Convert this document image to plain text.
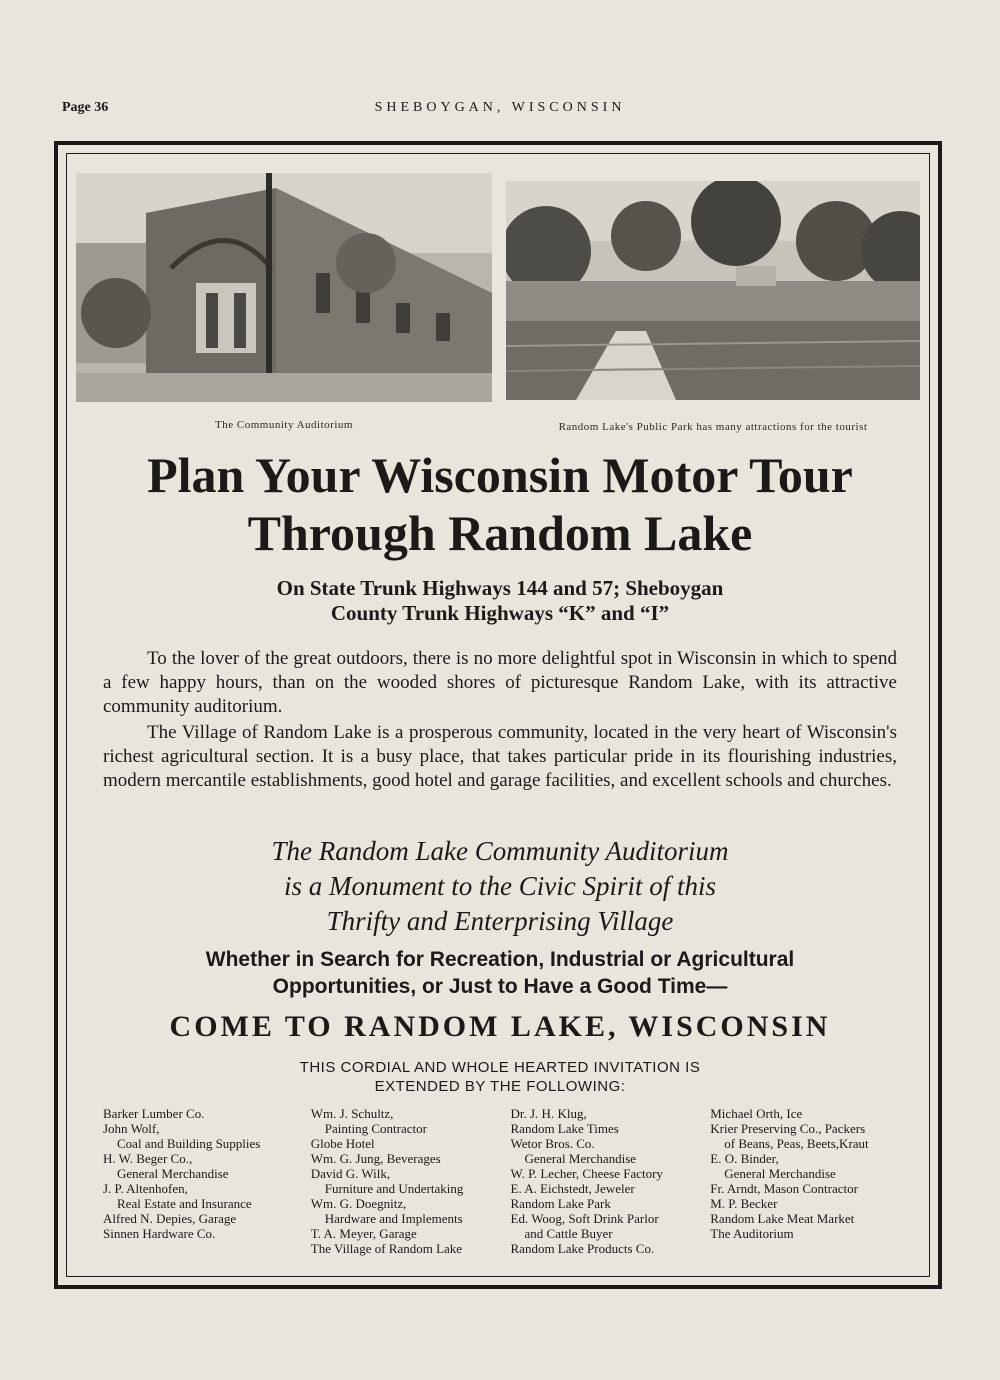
Page 36	SHEBOYGAN, WISCONSIN
The Community Auditorium	Random Lake's Public Park has many attractions for the tourist
Plan Your Wisconsin Motor Tour
Through Random Lake
On State Trunk Highways 144 and 57; Sheboygan
County Trunk Highways “K” and “I”

To the lover of the great outdoors, there is no more delightful spot in Wisconsin in which to spend a few happy hours, than on the wooded shores of picturesque Random Lake, with its attractive community auditorium.

The Village of Random Lake is a prosperous community, located in the very heart of Wisconsin's richest agricultural section. It is a busy place, that takes particular pride in its flourishing industries, modern mercantile establishments, good hotel and garage facilities, and excellent schools and churches.

The Random Lake Community Auditorium
is a Monument to the Civic Spirit of this
Thrifty and Enterprising Village
Whether in Search for Recreation, Industrial or Agricultural
Opportunities, or Just to Have a Good Time—
COME TO RANDOM LAKE, WISCONSIN
THIS CORDIAL AND WHOLE HEARTED INVITATION IS
EXTENDED BY THE FOLLOWING:
Barker Lumber Co.
John Wolf,
Coal and Building Supplies
H. W. Beger Co.,
General Merchandise
J. P. Altenhofen,
Real Estate and Insurance
Alfred N. Depies, Garage
Sinnen Hardware Co.
Wm. J. Schultz,
Painting Contractor
Globe Hotel
Wm. G. Jung, Beverages
David G. Wilk,
Furniture and Undertaking
Wm. G. Doegnitz,
Hardware and Implements
T. A. Meyer, Garage
The Village of Random Lake
Dr. J. H. Klug,
Random Lake Times
Wetor Bros. Co.
General Merchandise
W. P. Lecher, Cheese Factory
E. A. Eichstedt, Jeweler
Random Lake Park
Ed. Woog, Soft Drink Parlor
and Cattle Buyer
Random Lake Products Co.
Michael Orth, Ice
Krier Preserving Co., Packers
of Beans, Peas, Beets,Kraut
E. O. Binder,
General Merchandise
Fr. Arndt, Mason Contractor
M. P. Becker
Random Lake Meat Market
The Auditorium
